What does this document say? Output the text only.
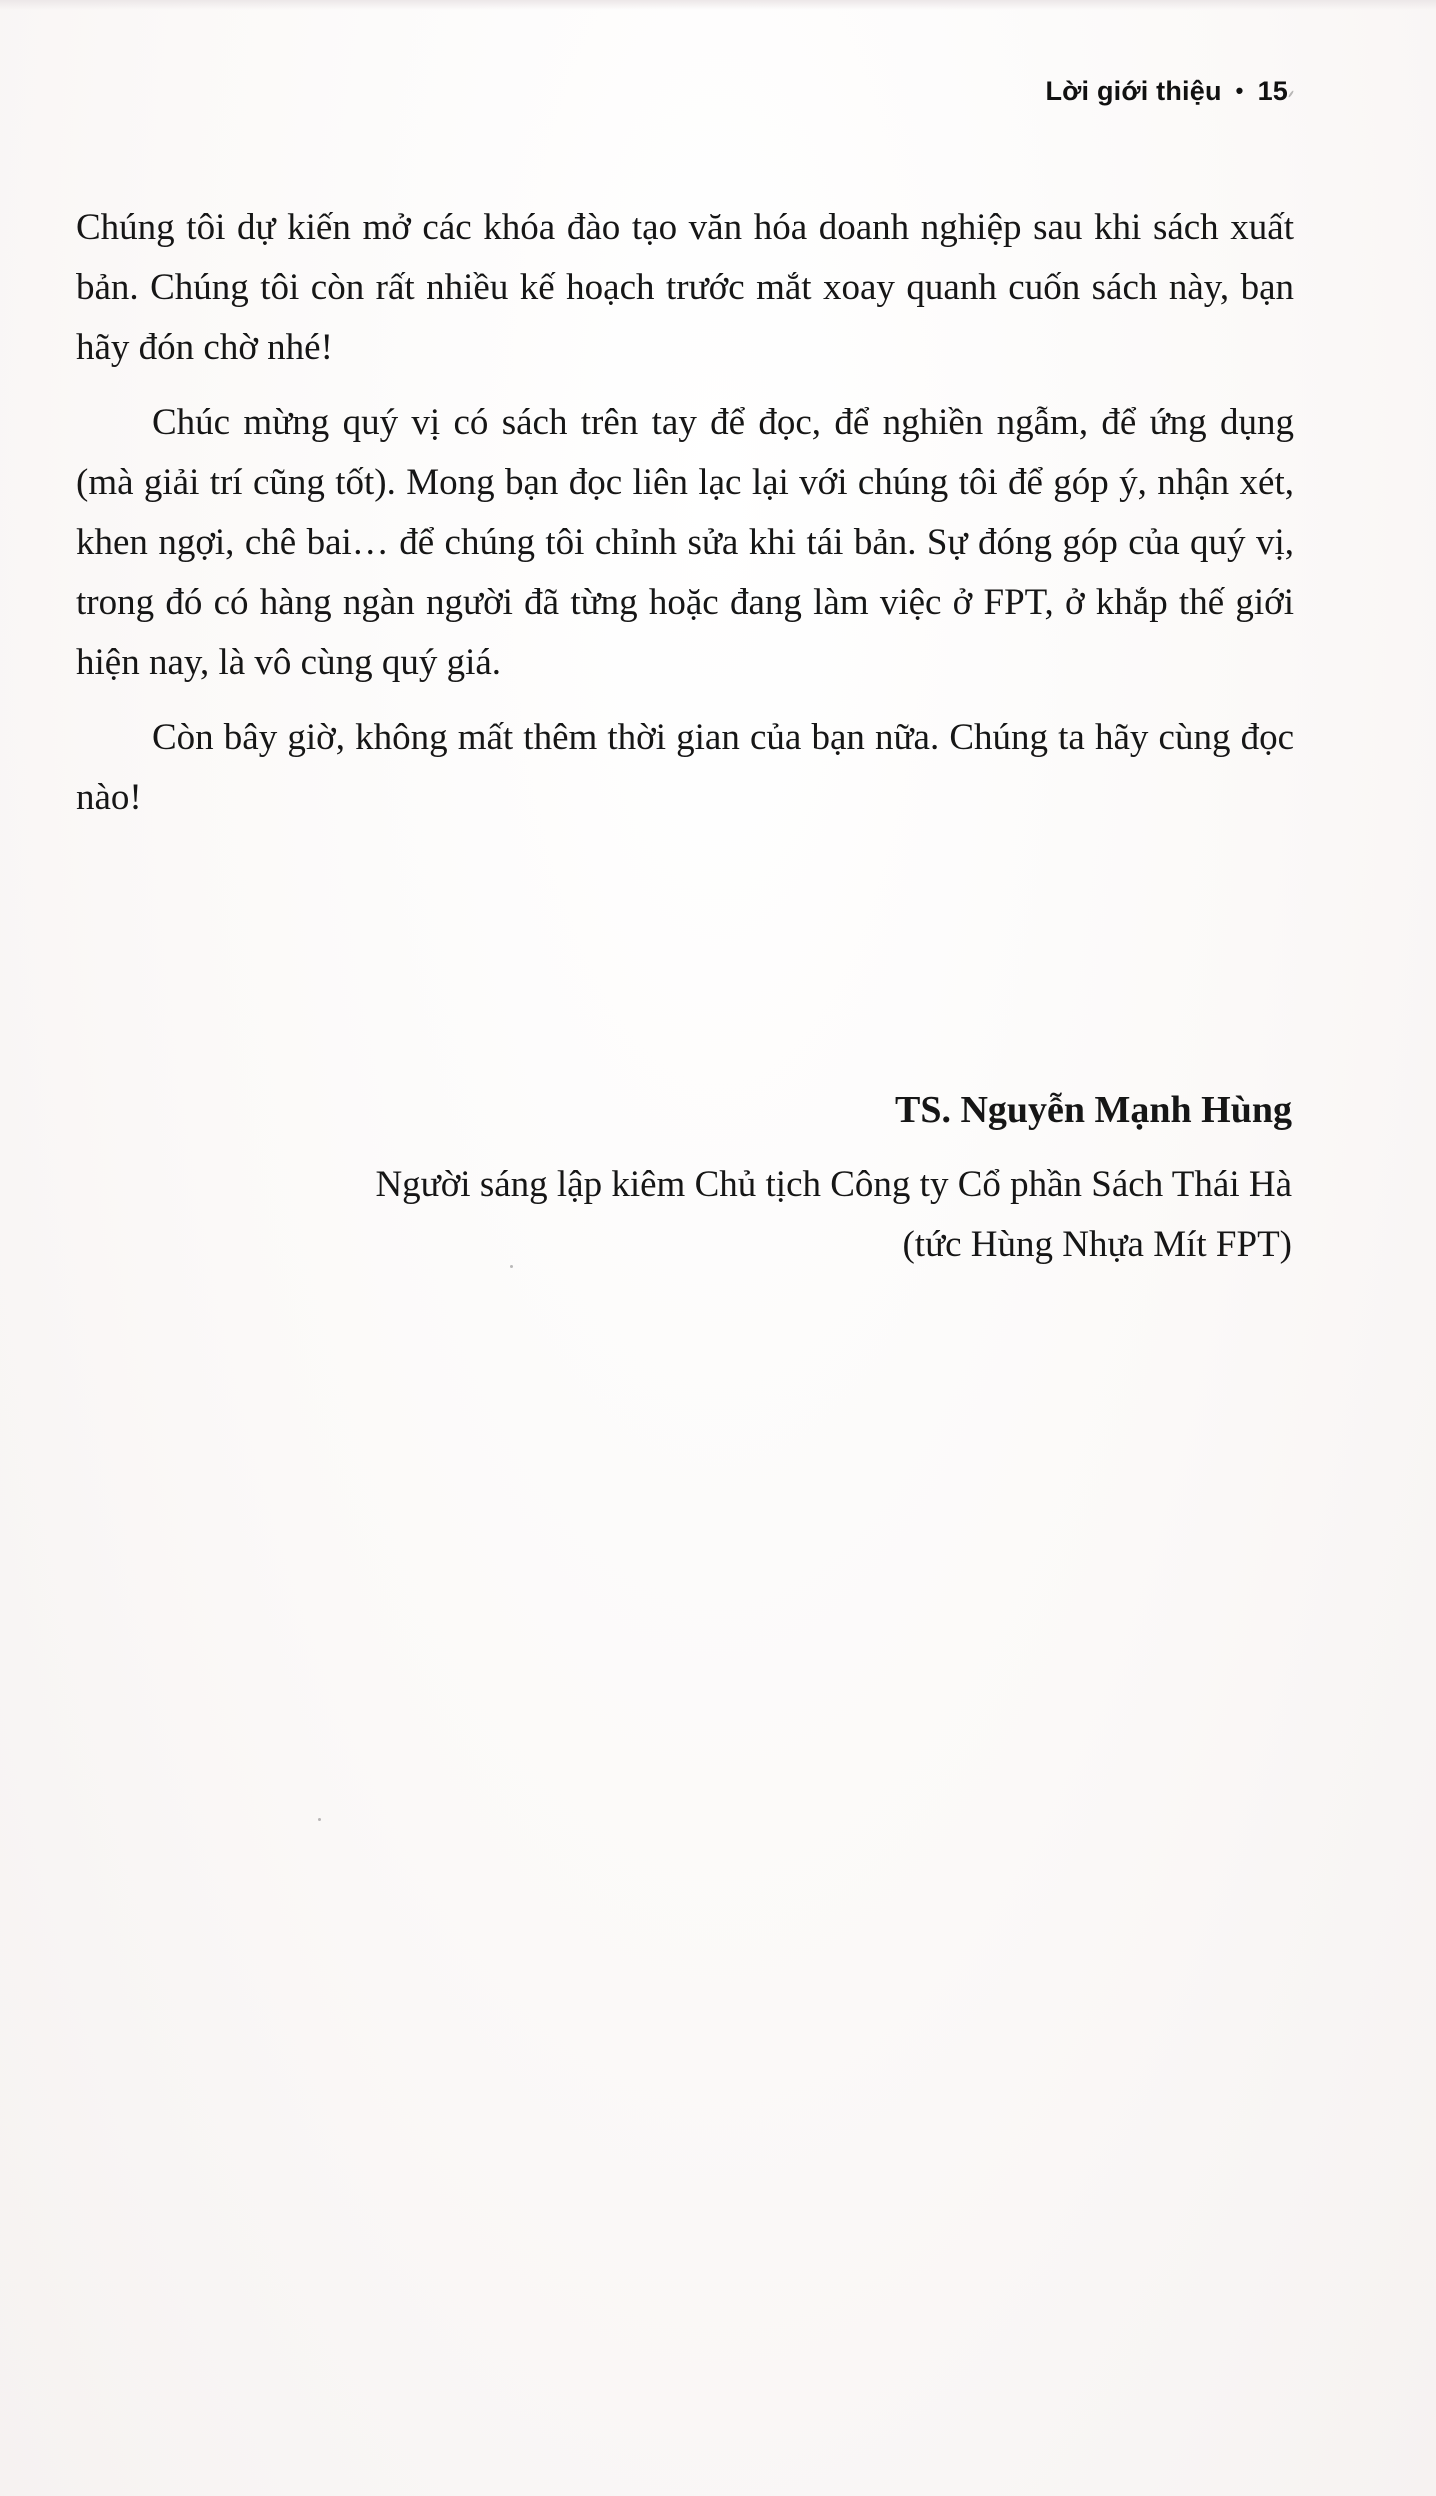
Lời giới thiệu • 15

Chúng tôi dự kiến mở các khóa đào tạo văn hóa doanh nghiệp sau khi sách xuất bản. Chúng tôi còn rất nhiều kế hoạch trước mắt xoay quanh cuốn sách này, bạn hãy đón chờ nhé!

Chúc mừng quý vị có sách trên tay để đọc, để nghiền ngẫm, để ứng dụng (mà giải trí cũng tốt). Mong bạn đọc liên lạc lại với chúng tôi để góp ý, nhận xét, khen ngợi, chê bai… để chúng tôi chỉnh sửa khi tái bản. Sự đóng góp của quý vị, trong đó có hàng ngàn người đã từng hoặc đang làm việc ở FPT, ở khắp thế giới hiện nay, là vô cùng quý giá.

Còn bây giờ, không mất thêm thời gian của bạn nữa. Chúng ta hãy cùng đọc nào!

TS. Nguyễn Mạnh Hùng
Người sáng lập kiêm Chủ tịch Công ty Cổ phần Sách Thái Hà
(tức Hùng Nhựa Mít FPT)
